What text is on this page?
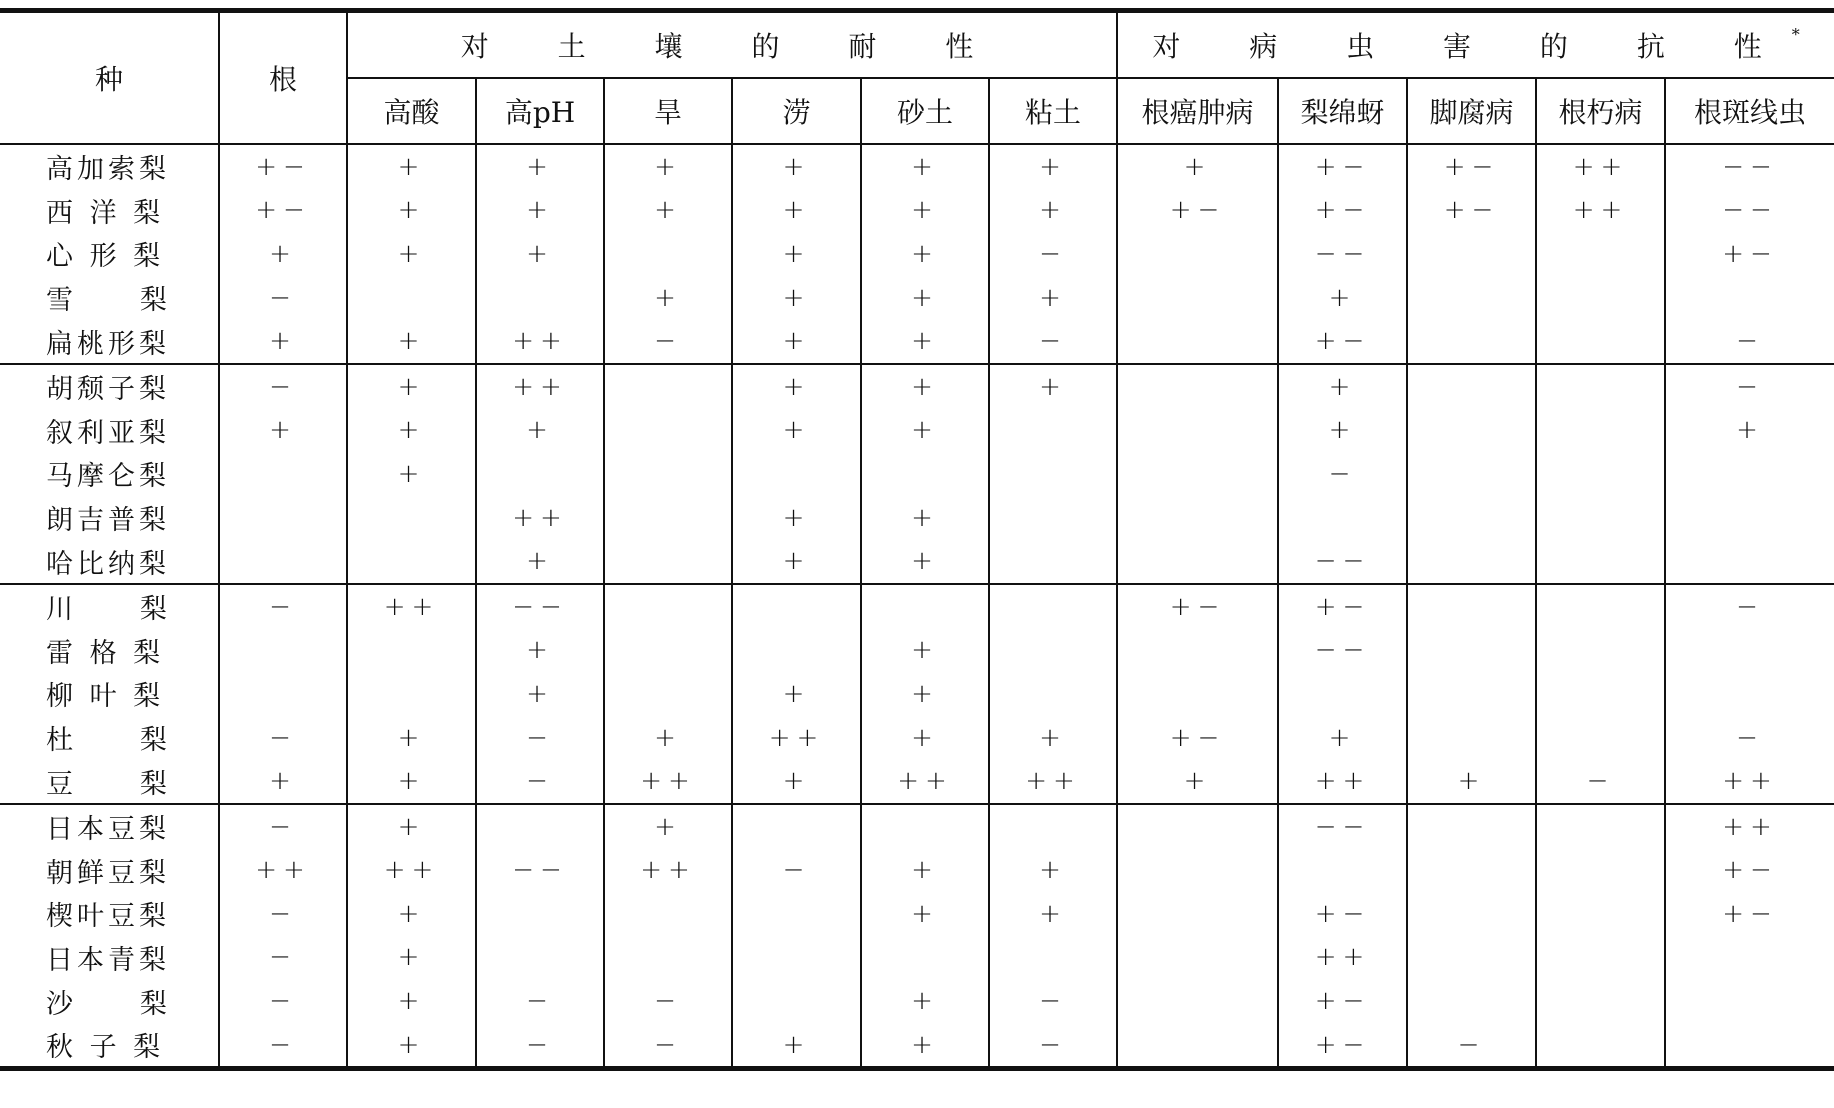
种	根	对 土 壤 的 耐 性						对 病 虫 害 的 抗 性*
		高酸	高pH	旱	涝	砂土	粘土	根癌肿病	梨绵蚜	脚腐病	根朽病	根斑线虫
高加索梨	+−	+	+	+	+	+	+	+	+−	+−	++	−−
西 洋 梨	+−	+	+	+	+	+	+	+−	+−	+−	++	−−
心 形 梨	+	+	+		+	+	−		−−			+−
雪     梨	−			+	+	+	+		+			
扁桃形梨	+	+	++	−	+	+	−		+−			−
胡颓子梨	−	+	++		+	+	+		+			−
叙利亚梨	+	+	+		+	+			+			+
马摩仑梨		+							−			
朗吉普梨			++		+	+						
哈比纳梨			+		+	+			−−			
川     梨	−	++	−−					+−	+−			−
雷 格 梨			+			+			−−			
柳 叶 梨			+		+	+						
杜     梨	−	+	−	+	++	+	+	+−	+			−
豆     梨	+	+	−	++	+	++	++	+	++	+	−	++
日本豆梨	−	+		+					−−			++
朝鲜豆梨	++	++	−−	++	−	+	+					+−
楔叶豆梨	−	+				+	+		+−			+−
日本青梨	−	+							++			
沙     梨	−	+	−	−		+	−		+−			
秋 子 梨	−	+	−	−	+	+	−		+−	−		
